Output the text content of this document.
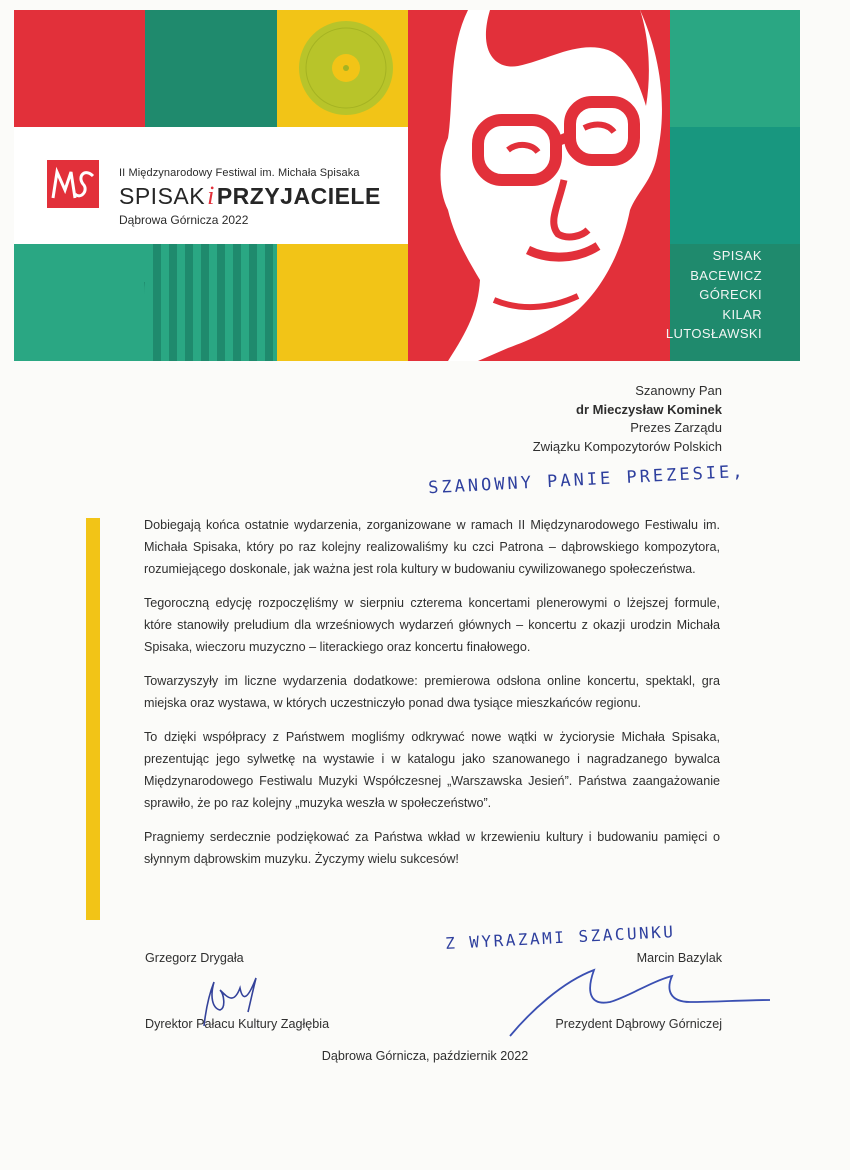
II Międzynarodowy Festiwal im. Michała Spisaka
SPISAKiPRZYJACIELE
Dąbrowa Górnicza 2022
SPISAK
BACEWICZ
GÓRECKI
KILAR
LUTOSŁAWSKI
Szanowny Pan
dr Mieczysław Kominek
Prezes Zarządu
Związku Kompozytorów Polskich
SZANOWNY PANIE PREZESIE,

Dobiegają końca ostatnie wydarzenia, zorganizowane w ramach II Międzynarodowego Festiwalu im. Michała Spisaka, który po raz kolejny realizowaliśmy ku czci Patrona – dąbrowskiego kompozytora, rozumiejącego doskonale, jak ważna jest rola kultury w budowaniu cywilizowanego społeczeństwa.

Tegoroczną edycję rozpoczęliśmy w sierpniu czterema koncertami plenerowymi o lżejszej formule, które stanowiły preludium dla wrześniowych wydarzeń głównych – koncertu z okazji urodzin Michała Spisaka, wieczoru muzyczno – literackiego oraz koncertu finałowego.

Towarzyszyły im liczne wydarzenia dodatkowe: premierowa odsłona online koncertu, spektakl, gra miejska oraz wystawa, w których uczestniczyło ponad dwa tysiące mieszkańców regionu.

To dzięki współpracy z Państwem mogliśmy odkrywać nowe wątki w życiorysie Michała Spisaka, prezentując jego sylwetkę na wystawie i w katalogu jako szanowanego i nagradzanego bywalca Międzynarodowego Festiwalu Muzyki Współczesnej „Warszawska Jesień”. Państwa zaangażowanie sprawiło, że po raz kolejny „muzyka weszła w społeczeństwo”.

Pragniemy serdecznie podziękować za Państwa wkład w krzewieniu kultury i budowaniu pamięci o słynnym dąbrowskim muzyku. Życzymy wielu sukcesów!

Z WYRAZAMI SZACUNKU
Grzegorz Drygała
Dyrektor Pałacu Kultury Zagłębia
Marcin Bazylak
Prezydent Dąbrowy Górniczej
Dąbrowa Górnicza, październik 2022
